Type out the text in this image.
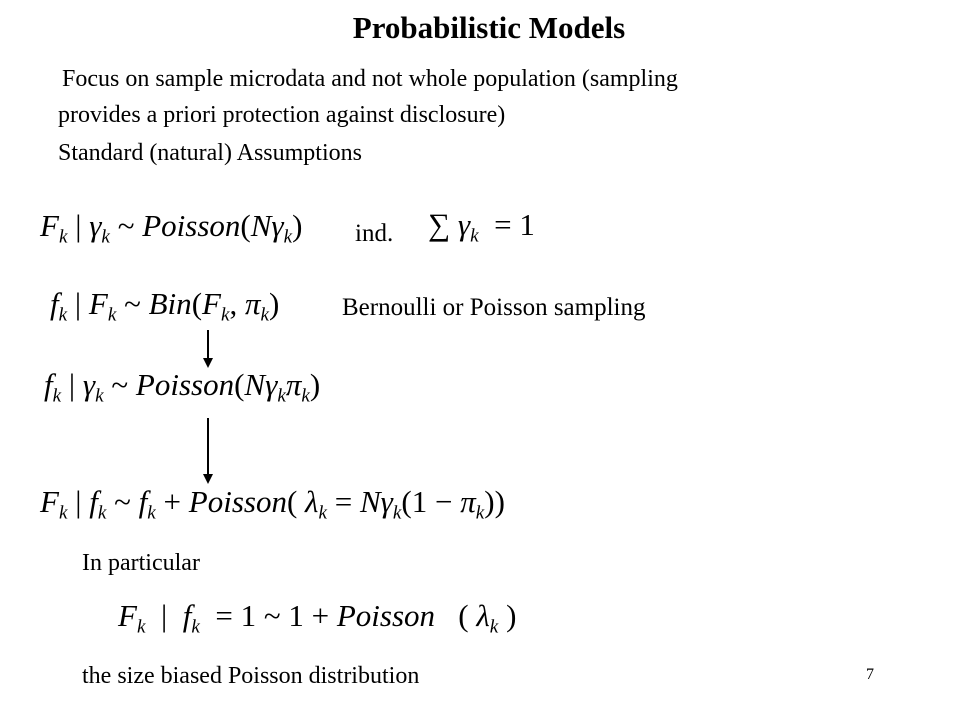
Probabilistic Models
Focus on sample microdata and not whole population (sampling
provides a priori protection against disclosure)
Standard (natural) Assumptions
$F_k$ | $\gamma_k$ ~ $Poisson(N\gamma_k)$ ind. ∑ $\gamma_k = 1$
$f_k$ | $F_k$ ~ $Bin(F_k$, $\pi_k$)	Bernoulli or Poisson sampling
$f_k$ | $\gamma_k$ ~ $Poisson(N\gamma_k\pi_k)$
$F_k$ | $f_k$ ~ $f_k$ + Poisson( $\lambda_k = N\gamma_k(1 - \pi_k)$)
In particular
$F_k$  |  $f_k = 1$ ~ 1 + Poisson   ( $\lambda_k$ )
the size biased Poisson distribution	7
